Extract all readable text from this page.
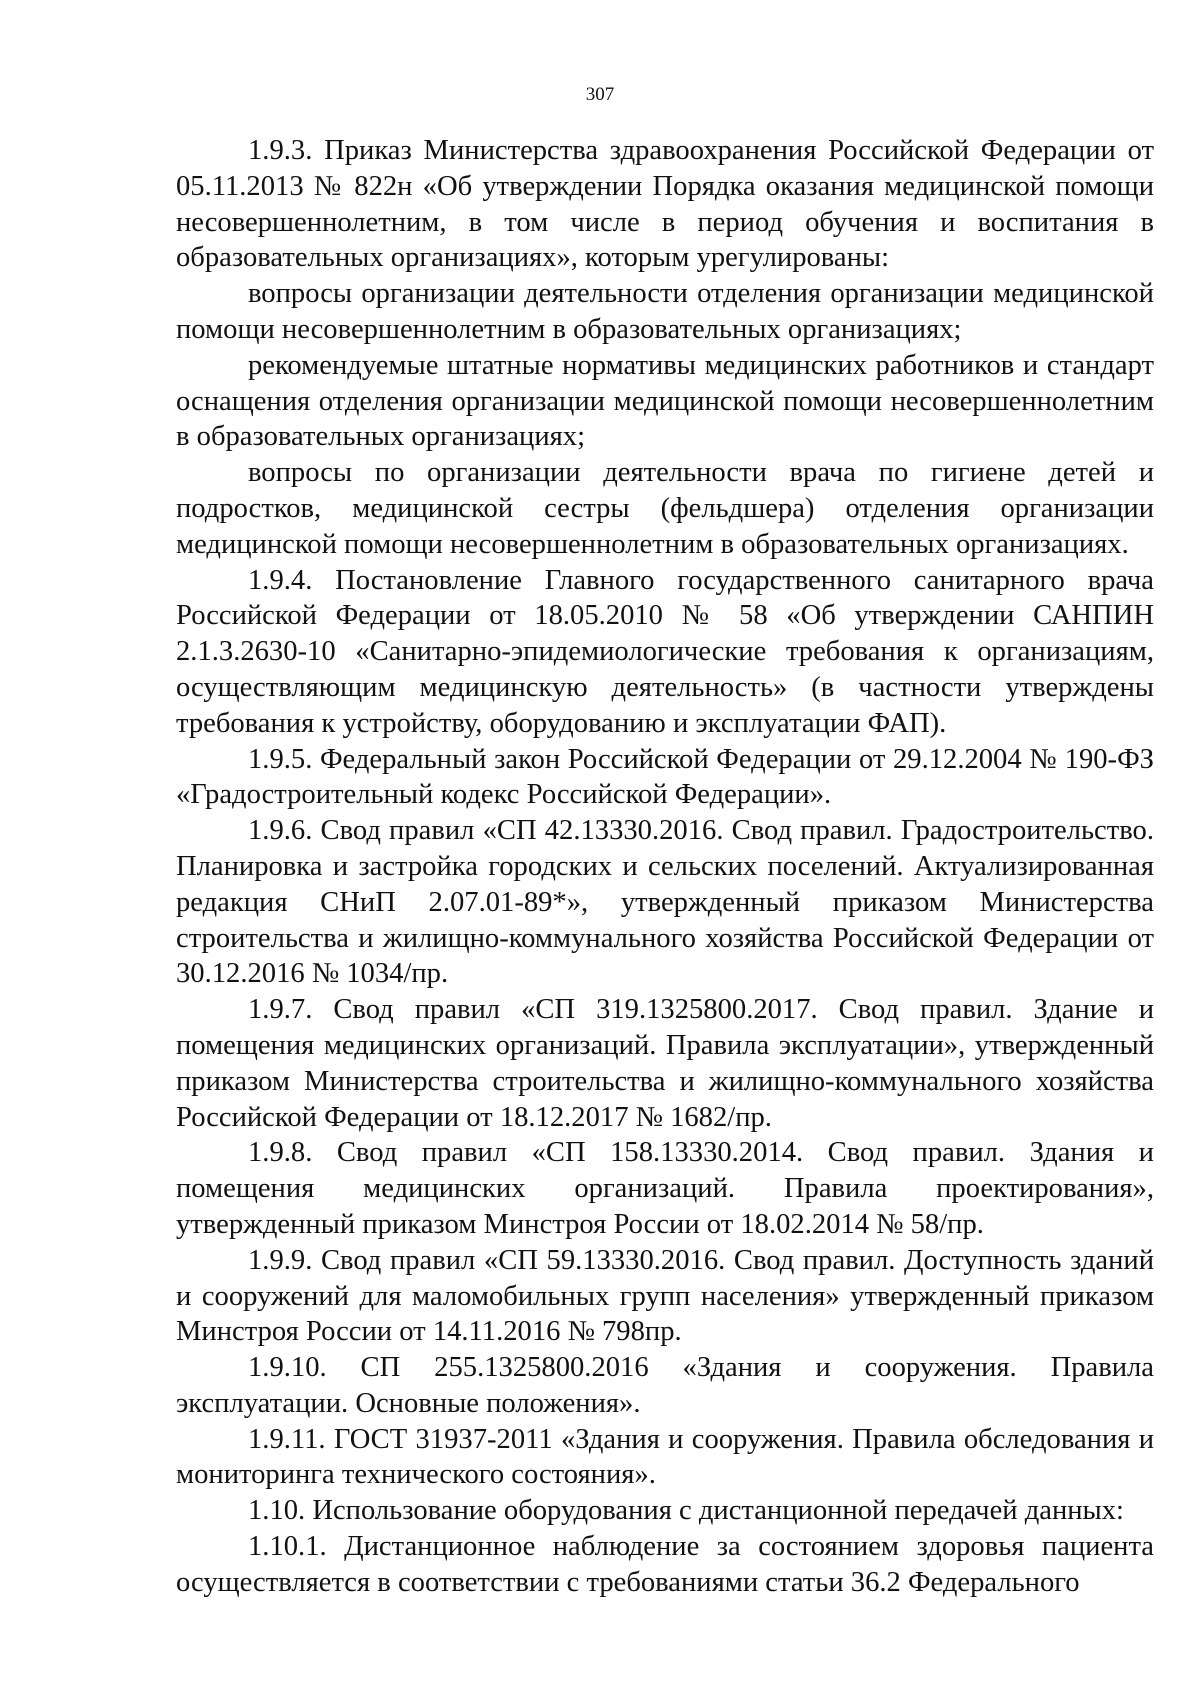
307

1.9.3. Приказ Министерства здравоохранения Российской Федерации от 05.11.2013 № 822н «Об утверждении Порядка оказания медицинской помощи несовершеннолетним, в том числе в период обучения и воспитания в образовательных организациях», которым урегулированы:

вопросы организации деятельности отделения организации медицинской помощи несовершеннолетним в образовательных организациях;

рекомендуемые штатные нормативы медицинских работников и стандарт оснащения отделения организации медицинской помощи несовершеннолетним в образовательных организациях;

вопросы по организации деятельности врача по гигиене детей и подростков, медицинской сестры (фельдшера) отделения организации медицинской помощи несовершеннолетним в образовательных организациях.

1.9.4. Постановление Главного государственного санитарного врача Российской Федерации от 18.05.2010 № 58 «Об утверждении САНПИН 2.1.3.2630-10 «Санитарно-эпидемиологические требования к организациям, осуществляющим медицинскую деятельность» (в частности утверждены требования к устройству, оборудованию и эксплуатации ФАП).

1.9.5. Федеральный закон Российской Федерации от 29.12.2004 № 190-ФЗ «Градостроительный кодекс Российской Федерации».

1.9.6. Свод правил «СП 42.13330.2016. Свод правил. Градостроительство. Планировка и застройка городских и сельских поселений. Актуализированная редакция СНиП 2.07.01-89*», утвержденный приказом Министерства строительства и жилищно-коммунального хозяйства Российской Федерации от 30.12.2016 № 1034/пр.

1.9.7. Свод правил «СП 319.1325800.2017. Свод правил. Здание и помещения медицинских организаций. Правила эксплуатации», утвержденный приказом Министерства строительства и жилищно-коммунального хозяйства Российской Федерации от 18.12.2017 № 1682/пр.

1.9.8. Свод правил «СП 158.13330.2014. Свод правил. Здания и помещения медицинских организаций. Правила проектирования», утвержденный приказом Минстроя России от 18.02.2014 № 58/пр.

1.9.9. Свод правил «СП 59.13330.2016. Свод правил. Доступность зданий и сооружений для маломобильных групп населения» утвержденный приказом Минстроя России от 14.11.2016 № 798пр.

1.9.10. СП 255.1325800.2016 «Здания и сооружения. Правила эксплуатации. Основные положения».

1.9.11. ГОСТ 31937-2011 «Здания и сооружения. Правила обследования и мониторинга технического состояния».

1.10. Использование оборудования с дистанционной передачей данных:

1.10.1. Дистанционное наблюдение за состоянием здоровья пациента осуществляется в соответствии с требованиями статьи 36.2 Федерального
